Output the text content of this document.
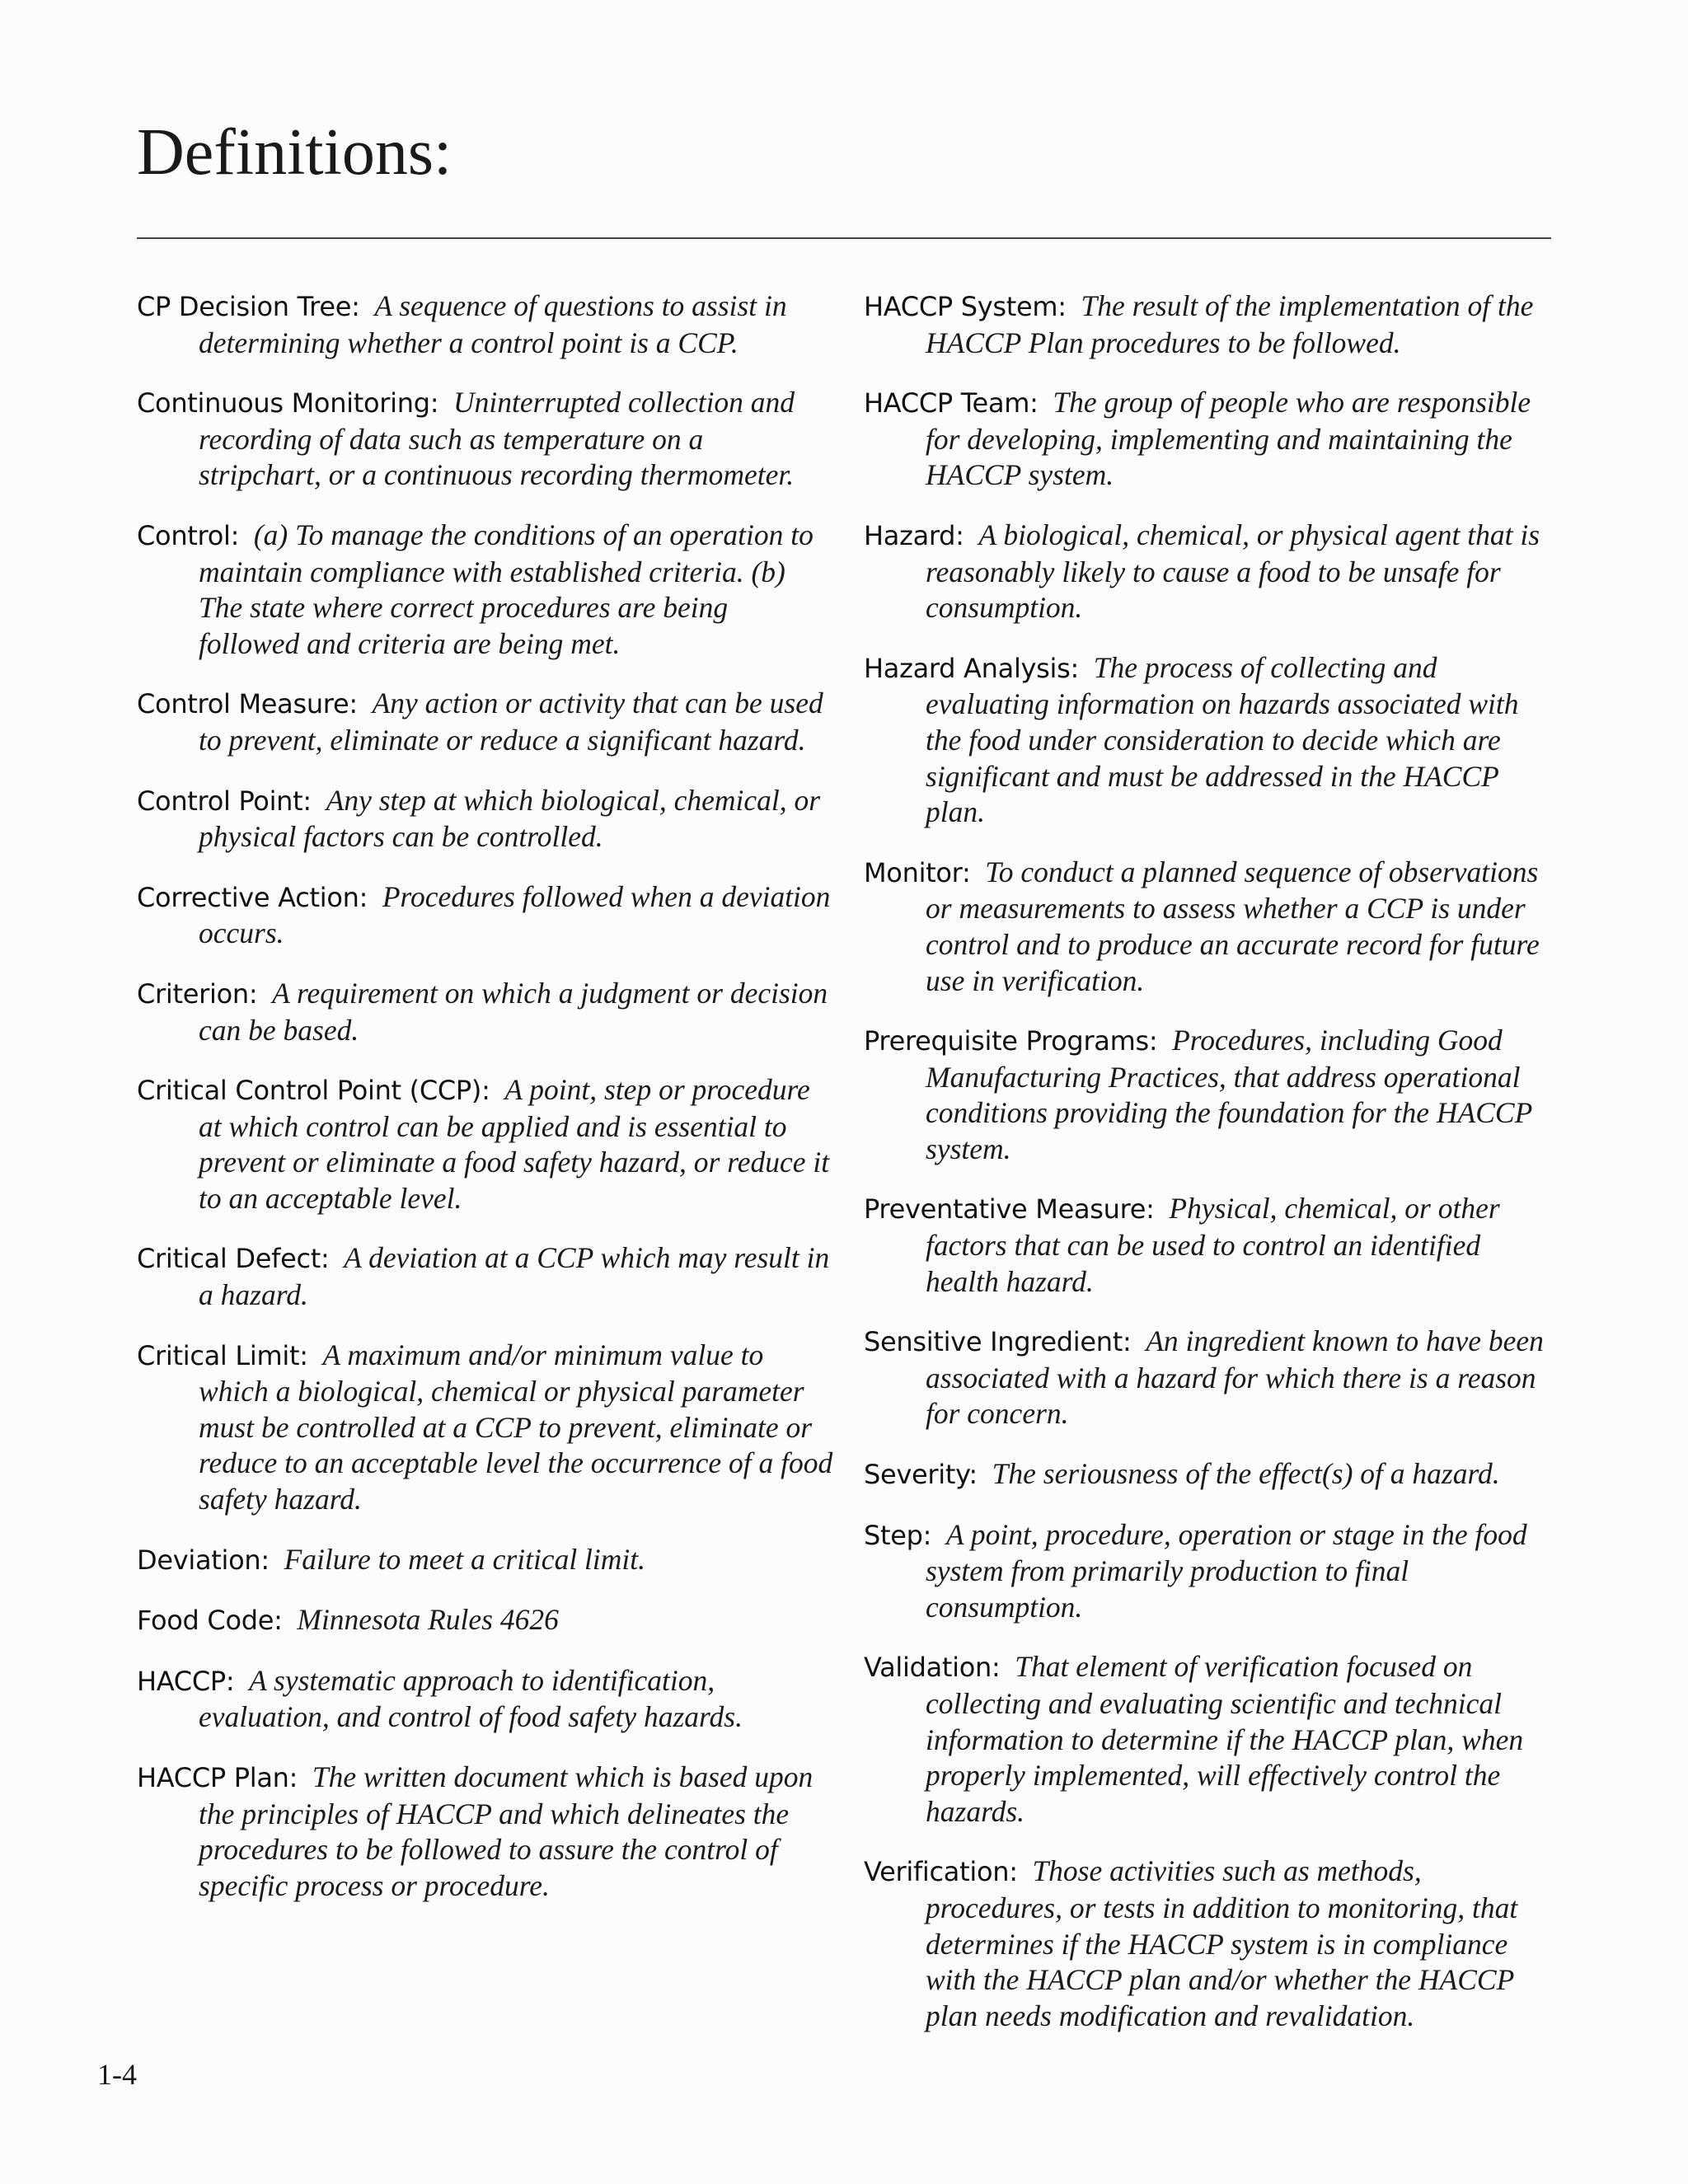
Definitions:

CP Decision Tree: A sequence of questions to assist in determining whether a control point is a CCP.

Continuous Monitoring: Uninterrupted collection and recording of data such as temperature on a stripchart, or a continuous recording thermometer.

Control: (a) To manage the conditions of an operation to maintain compliance with established criteria. (b) The state where correct procedures are being followed and criteria are being met.

Control Measure: Any action or activity that can be used to prevent, eliminate or reduce a significant hazard.

Control Point: Any step at which biological, chemical, or physical factors can be controlled.

Corrective Action: Procedures followed when a deviation occurs.

Criterion: A requirement on which a judgment or decision can be based.

Critical Control Point (CCP): A point, step or procedure at which control can be applied and is essential to prevent or eliminate a food safety hazard, or reduce it to an acceptable level.

Critical Defect: A deviation at a CCP which may result in a hazard.

Critical Limit: A maximum and/or minimum value to which a biological, chemical or physical parameter must be controlled at a CCP to prevent, eliminate or reduce to an acceptable level the occurrence of a food safety hazard.

Deviation: Failure to meet a critical limit.

Food Code: Minnesota Rules 4626

HACCP: A systematic approach to identification, evaluation, and control of food safety hazards.

HACCP Plan: The written document which is based upon the principles of HACCP and which delineates the procedures to be followed to assure the control of specific process or procedure.

HACCP System: The result of the implementation of the HACCP Plan procedures to be followed.

HACCP Team: The group of people who are responsible for developing, implementing and maintaining the HACCP system.

Hazard: A biological, chemical, or physical agent that is reasonably likely to cause a food to be unsafe for consumption.

Hazard Analysis: The process of collecting and evaluating information on hazards associated with the food under consideration to decide which are significant and must be addressed in the HACCP plan.

Monitor: To conduct a planned sequence of observations or measurements to assess whether a CCP is under control and to produce an accurate record for future use in verification.

Prerequisite Programs: Procedures, including Good Manufacturing Practices, that address operational conditions providing the foundation for the HACCP system.

Preventative Measure: Physical, chemical, or other factors that can be used to control an identified health hazard.

Sensitive Ingredient: An ingredient known to have been associated with a hazard for which there is a reason for concern.

Severity: The seriousness of the effect(s) of a hazard.

Step: A point, procedure, operation or stage in the food system from primarily production to final consumption.

Validation: That element of verification focused on collecting and evaluating scientific and technical information to determine if the HACCP plan, when properly implemented, will effectively control the hazards.

Verification: Those activities such as methods, procedures, or tests in addition to monitoring, that determines if the HACCP system is in compliance with the HACCP plan and/or whether the HACCP plan needs modification and revalidation.

1-4
